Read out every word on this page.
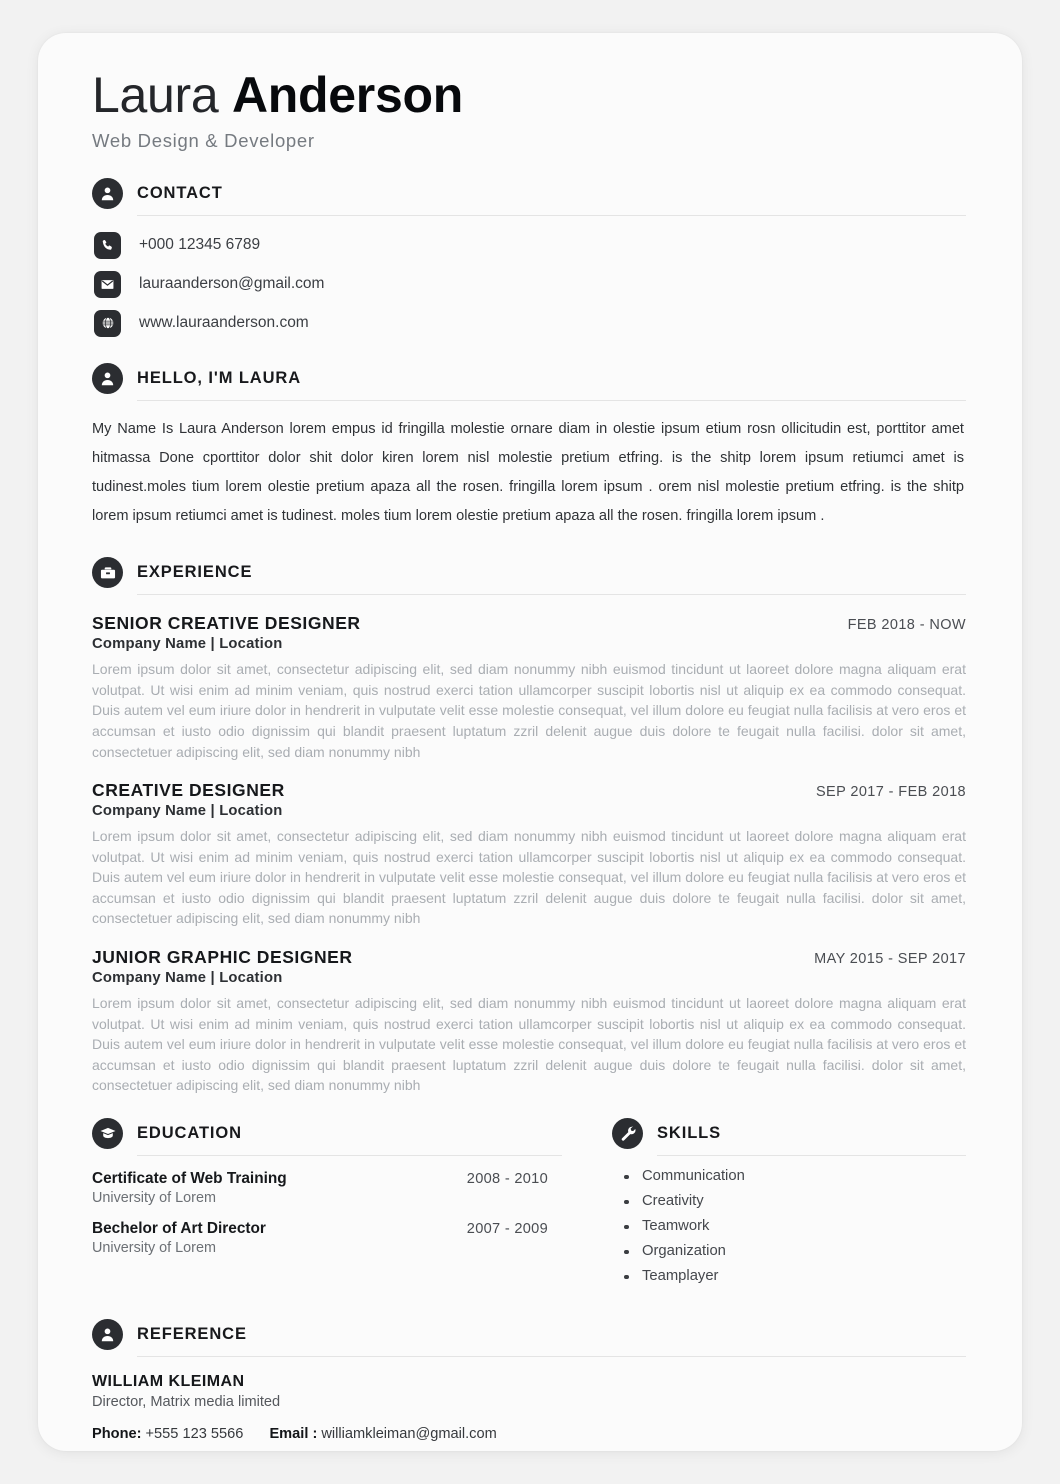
Laura Anderson
Web Design & Developer
CONTACT
+000 12345 6789
lauraanderson@gmail.com
www.lauraanderson.com
HELLO, I'M LAURA
My Name Is Laura Anderson lorem empus id fringilla molestie ornare diam in olestie ipsum etium rosn ollicitudin est, porttitor amet hitmassa Done cporttitor dolor shit dolor kiren lorem nisl molestie pretium etfring. is the shitp lorem ipsum retiumci amet is tudinest.moles tium lorem olestie pretium apaza all the rosen. fringilla lorem ipsum . orem nisl molestie pretium etfring. is the shitp lorem ipsum retiumci amet is tudinest. moles tium lorem olestie pretium apaza all the rosen. fringilla lorem ipsum .
EXPERIENCE
SENIOR CREATIVE DESIGNER	FEB 2018 - NOW
Company Name | Location
Lorem ipsum dolor sit amet, consectetur adipiscing elit, sed diam nonummy nibh euismod tincidunt ut laoreet dolore magna aliquam erat volutpat. Ut wisi enim ad minim veniam, quis nostrud exerci tation ullamcorper suscipit lobortis nisl ut aliquip ex ea commodo consequat. Duis autem vel eum iriure dolor in hendrerit in vulputate velit esse molestie consequat, vel illum dolore eu feugiat nulla facilisis at vero eros et accumsan et iusto odio dignissim qui blandit praesent luptatum zzril delenit augue duis dolore te feugait nulla facilisi. dolor sit amet, consectetuer adipiscing elit, sed diam nonummy nibh
CREATIVE DESIGNER	SEP 2017 - FEB 2018
Company Name | Location
Lorem ipsum dolor sit amet, consectetur adipiscing elit, sed diam nonummy nibh euismod tincidunt ut laoreet dolore magna aliquam erat volutpat. Ut wisi enim ad minim veniam, quis nostrud exerci tation ullamcorper suscipit lobortis nisl ut aliquip ex ea commodo consequat. Duis autem vel eum iriure dolor in hendrerit in vulputate velit esse molestie consequat, vel illum dolore eu feugiat nulla facilisis at vero eros et accumsan et iusto odio dignissim qui blandit praesent luptatum zzril delenit augue duis dolore te feugait nulla facilisi. dolor sit amet, consectetuer adipiscing elit, sed diam nonummy nibh
JUNIOR GRAPHIC DESIGNER	MAY 2015 - SEP 2017
Company Name | Location
Lorem ipsum dolor sit amet, consectetur adipiscing elit, sed diam nonummy nibh euismod tincidunt ut laoreet dolore magna aliquam erat volutpat. Ut wisi enim ad minim veniam, quis nostrud exerci tation ullamcorper suscipit lobortis nisl ut aliquip ex ea commodo consequat. Duis autem vel eum iriure dolor in hendrerit in vulputate velit esse molestie consequat, vel illum dolore eu feugiat nulla facilisis at vero eros et accumsan et iusto odio dignissim qui blandit praesent luptatum zzril delenit augue duis dolore te feugait nulla facilisi. dolor sit amet, consectetuer adipiscing elit, sed diam nonummy nibh
EDUCATION
Certificate of Web Training	2008 - 2010
University of Lorem
Bechelor of Art Director	2007 - 2009
University of Lorem
SKILLS
Communication
Creativity
Teamwork
Organization
Teamplayer
REFERENCE
WILLIAM KLEIMAN
Director, Matrix media limited
Phone: +555 123 5566 Email : williamkleiman@gmail.com
